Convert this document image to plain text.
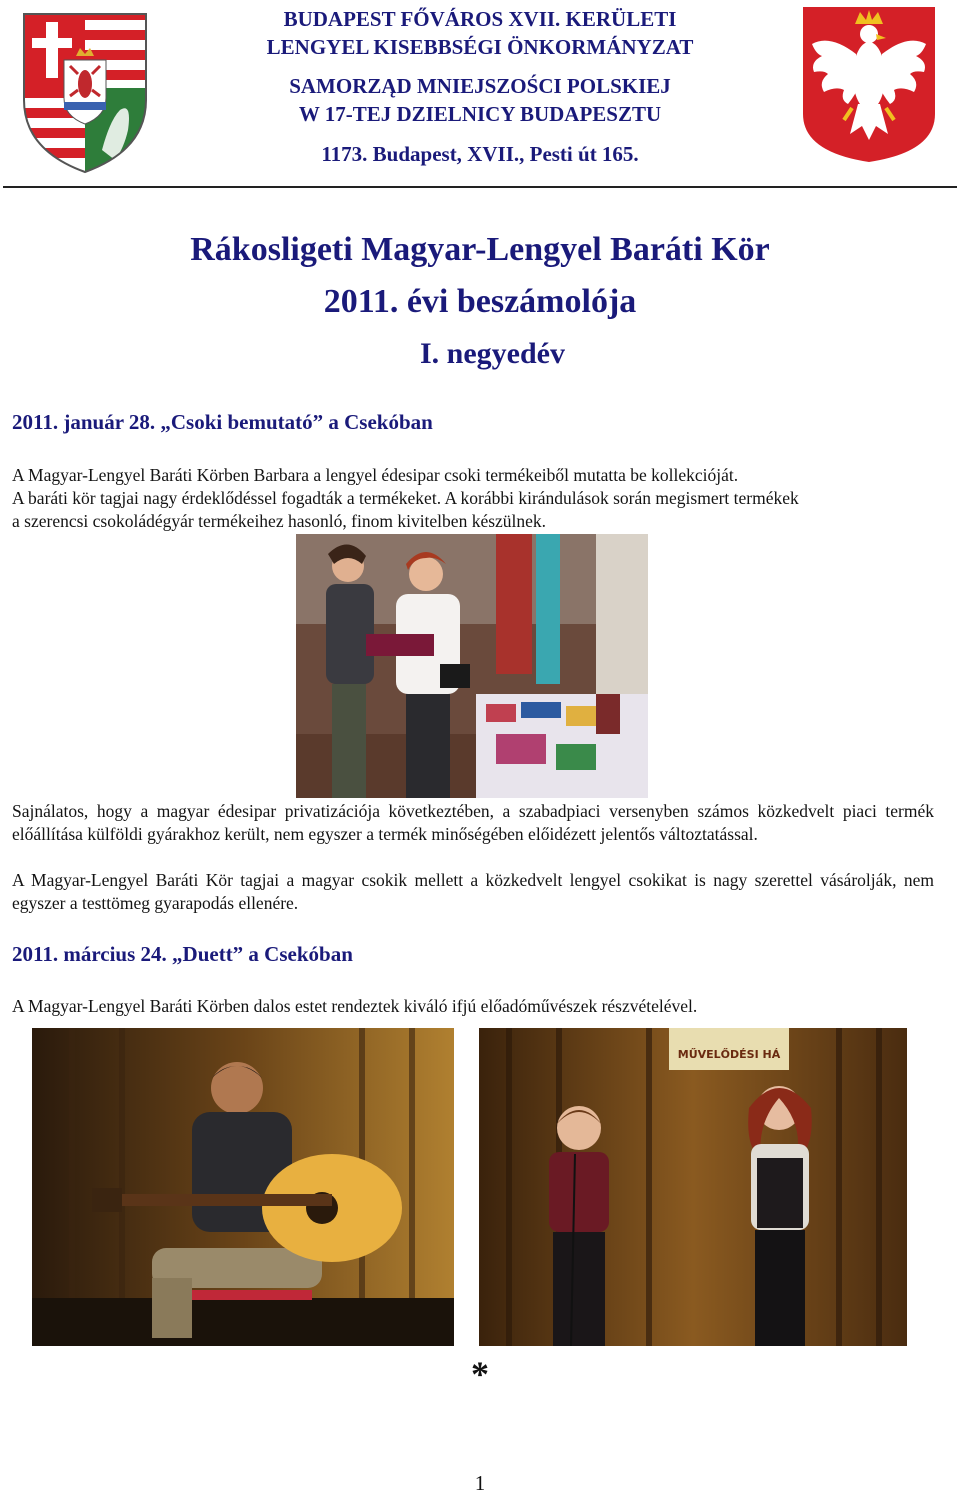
BUDAPEST FŐVÁROS XVII. KERÜLETI
LENGYEL KISEBBSÉGI ÖNKORMÁNYZAT
SAMORZĄD MNIEJSZOŚCI POLSKIEJ
W 17-TEJ DZIELNICY BUDAPESZTU
1173. Budapest, XVII., Pesti út 165.
Rákosligeti Magyar-Lengyel Baráti Kör
2011. évi beszámolója
I. negyedév
2011. január 28. „Csoki bemutató” a Csekóban
A Magyar-Lengyel Baráti Körben Barbara a lengyel édesipar csoki termékeiből mutatta be kollekcióját.
A baráti kör tagjai nagy érdeklődéssel fogadták a termékeket. A korábbi kirándulások során megismert termékek
a szerencsi csokoládégyár termékeihez hasonló, finom kivitelben készülnek.
Sajnálatos, hogy a magyar édesipar privatizációja következtében, a szabadpiaci versenyben számos közkedvelt piaci termék előállítása külföldi gyárakhoz került, nem egyszer a termék minőségében előidézett jelentős változtatással.
A Magyar-Lengyel Baráti Kör tagjai a magyar csokik mellett a közkedvelt lengyel csokikat is nagy szerettel vásárolják, nem egyszer a testtömeg gyarapodás ellenére.
2011. március 24. „Duett” a Csekóban
A Magyar-Lengyel Baráti Körben dalos estet rendeztek kiváló ifjú előadóművészek részvételével.
MŰVELŐDÉSI HÁ
*
1
